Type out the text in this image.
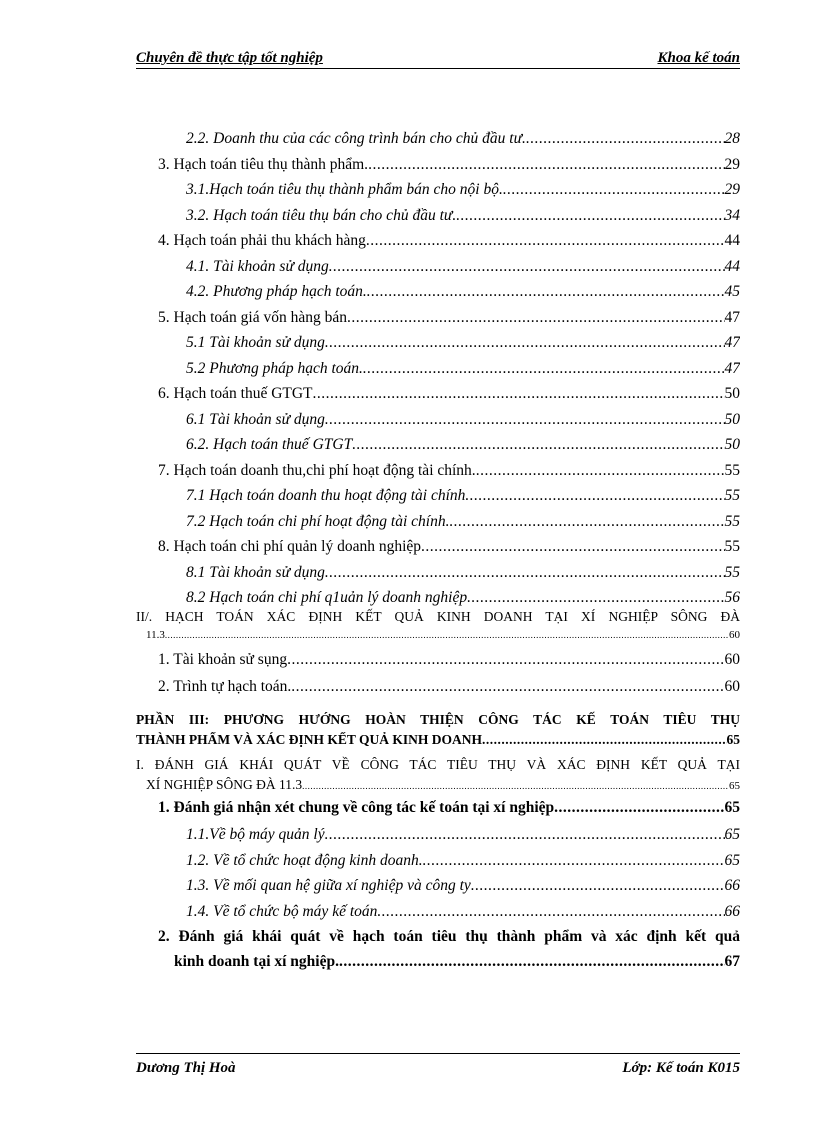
Chuyên đề thực tập tốt nghiệp	Khoa kế toán
2.2. Doanh thu của các công trình bán cho chủ đầu tư. .....	28
3. Hạch toán tiêu thụ thành phẩm. .....	29
3.1.Hạch toán tiêu thụ thành phẩm bán cho nội bộ. .....	29
3.2. Hạch toán tiêu thụ bán cho chủ đầu tư. .....	34
4. Hạch toán phải thu khách hàng .....	44
4.1. Tài khoản sử dụng .....	44
4.2. Phương pháp hạch toán. .....	45
5. Hạch toán giá vốn hàng bán .....	47
5.1 Tài khoản sử dụng .....	47
5.2 Phương pháp hạch toán. .....	47
6. Hạch toán thuế GTGT .....	50
6.1 Tài khoản sử dụng .....	50
6.2. Hạch toán thuế GTGT .....	50
7. Hạch toán doanh thu,chi phí hoạt động tài chính. .....	55
7.1 Hạch toán doanh thu hoạt động tài chính .....	55
7.2 Hạch toán chi phí hoạt động tài chính. .....	55
8. Hạch toán chi phí quản lý doanh nghiệp .....	55
8.1 Tài khoản sử dụng .....	55
8.2 Hạch toán chi phí q1uản lý doanh nghiệp .....	56
II/. HẠCH TOÁN XÁC ĐỊNH KẾT QUẢ KINH DOANH TẠI XÍ NGHIỆP SÔNG ĐÀ
11.3 .....	60
1. Tài khoản sử sụng .....	60
2. Trình tự hạch toán. .....	60
PHẦN III: PHƯƠNG HƯỚNG HOÀN THIỆN CÔNG TÁC KẾ TOÁN TIÊU THỤ
THÀNH PHẨM VÀ XÁC ĐỊNH KẾT QUẢ KINH DOANH .....	65
I. ĐÁNH GIÁ KHÁI QUÁT VỀ CÔNG TÁC TIÊU THỤ VÀ XÁC ĐỊNH KẾT QUẢ TẠI
XÍ NGHIỆP SÔNG ĐÀ 11.3 .....	65
1. Đánh giá nhận xét chung về công tác kế toán tại xí nghiệp .....	65
1.1.Về bộ máy quản lý .....	65
1.2. Về tổ chức hoạt động kinh doanh. .....	65
1.3. Về mối quan hệ giữa xí nghiệp và công ty .....	66
1.4. Về tổ chức bộ máy kế toán .....	66
2. Đánh giá khái quát về hạch toán tiêu thụ thành phẩm và xác định kết quả
kinh doanh tại xí nghiệp. .....	67
Dương Thị Hoà	Lớp: Kế toán K015
